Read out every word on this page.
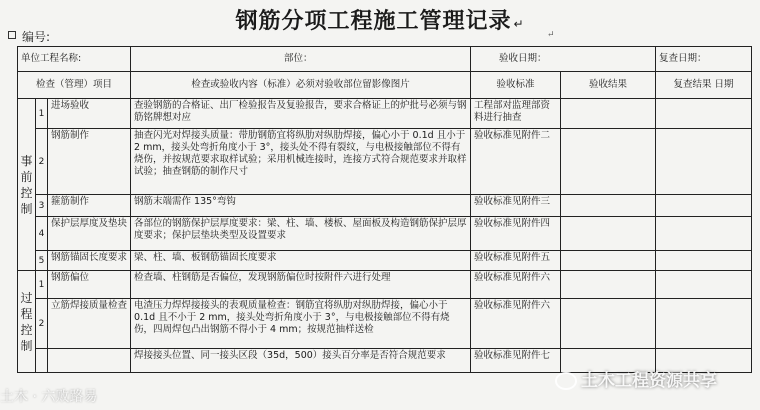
钢筋分项工程施工管理记录 ↵
编号:	↵
单位工程名称:			部位：	验收日期：		复查日期：
检查（管理）项目			检查或验收内容（标准）必须对验收部位留影像图片	验收标准	验收结果	复查结果 日期

事前控制	1	进场验收	查验钢筋的合格证、出厂检验报告及复验报告，要求合格证上的炉批号必须与钢筋铭牌想对应	工程部对监理部资料进行抽查		
	2	钢筋制作	抽查闪光对焊接头质量：带肋钢筋宜将纵肋对纵肋焊接，偏心小于 0.1d 且小于 2 mm，接头处弯折角度小于 3°，接头处不得有裂纹，与电极接触部位不得有烧伤，并按规范要求取样试验；采用机械连接时，连接方式符合规范要求并取样试验；抽查钢筋的制作尺寸	验收标准见附件二		
	3	箍筋制作	钢筋末端需作 135°弯钩	验收标准见附件三		
	4	保护层厚度及垫块	各部位的钢筋保护层厚度要求：梁、柱、墙、楼板、屋面板及构造钢筋保护层厚度要求；保护层垫块类型及设置要求	验收标准见附件四		
	5	钢筋锚固长度要求	梁、柱、墙、板钢筋锚固长度要求	验收标准见附件五		

过程控制	1	钢筋偏位	检查墙、柱钢筋是否偏位，发现钢筋偏位时按附件六进行处理	验收标准见附件六		
	2	立筋焊接质量检查	电渣压力焊焊接接头的表观质量检查：钢筋宜将纵肋对纵肋焊接，偏心小于 0.1d 且不小于 2 mm，接头处弯折角度小于 3°，与电极接触部位不得有烧伤，四周焊包凸出钢筋不得小于 4 mm；按规范抽样送检	验收标准见附件六		
			焊接接头位置、同一接头区段（35d，500）接头百分率是否符合规范要求	验收标准见附件七		
土木 · 六败路易
土木工程资源共享
